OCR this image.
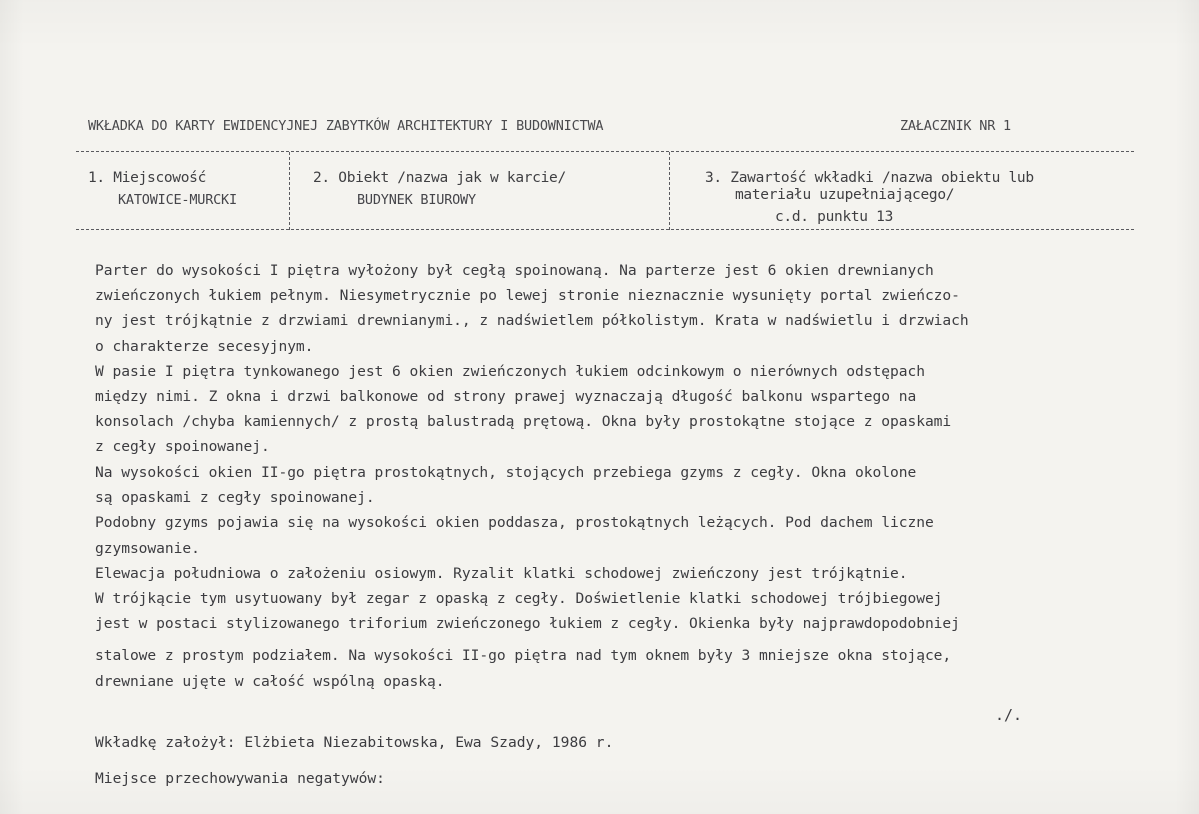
WKŁADKA DO KARTY EWIDENCYJNEJ ZABYTKÓW ARCHITEKTURY I BUDOWNICTWA	ZAŁACZNIK NR 1
1. Miejscowość
KATOWICE-MURCKI
2. Obiekt /nazwa jak w karcie/
BUDYNEK BIUROWY
3. Zawartość wkładki /nazwa obiektu lub
materiału uzupełniającego/
c.d. punktu 13
Parter do wysokości I piętra wyłożony był cegłą spoinowaną. Na parterze jest 6 okien drewnianych
zwieńczonych łukiem pełnym. Niesymetrycznie po lewej stronie nieznacznie wysunięty portal zwieńczo-
ny jest trójkątnie z drzwiami drewnianymi., z nadświetlem półkolistym. Krata w nadświetlu i drzwiach
o charakterze secesyjnym.
W pasie I piętra tynkowanego jest 6 okien zwieńczonych łukiem odcinkowym o nierównych odstępach
między nimi. Z okna i drzwi balkonowe od strony prawej wyznaczają długość balkonu wspartego na
konsolach /chyba kamiennych/ z prostą balustradą prętową. Okna były prostokątne stojące z opaskami
z cegły spoinowanej.
Na wysokości okien II-go piętra prostokątnych, stojących przebiega gzyms z cegły. Okna okolone
są opaskami z cegły spoinowanej.
Podobny gzyms pojawia się na wysokości okien poddasza, prostokątnych leżących. Pod dachem liczne
gzymsowanie.
Elewacja południowa o założeniu osiowym. Ryzalit klatki schodowej zwieńczony jest trójkątnie.
W trójkącie tym usytuowany był zegar z opaską z cegły. Doświetlenie klatki schodowej trójbiegowej
jest w postaci stylizowanego triforium zwieńczonego łukiem z cegły. Okienka były najprawdopodobniej
stalowe z prostym podziałem. Na wysokości II-go piętra nad tym oknem były 3 mniejsze okna stojące,
drewniane ujęte w całość wspólną opaską.
./.
Wkładkę założył: Elżbieta Niezabitowska, Ewa Szady, 1986 r.
Miejsce przechowywania negatywów:
